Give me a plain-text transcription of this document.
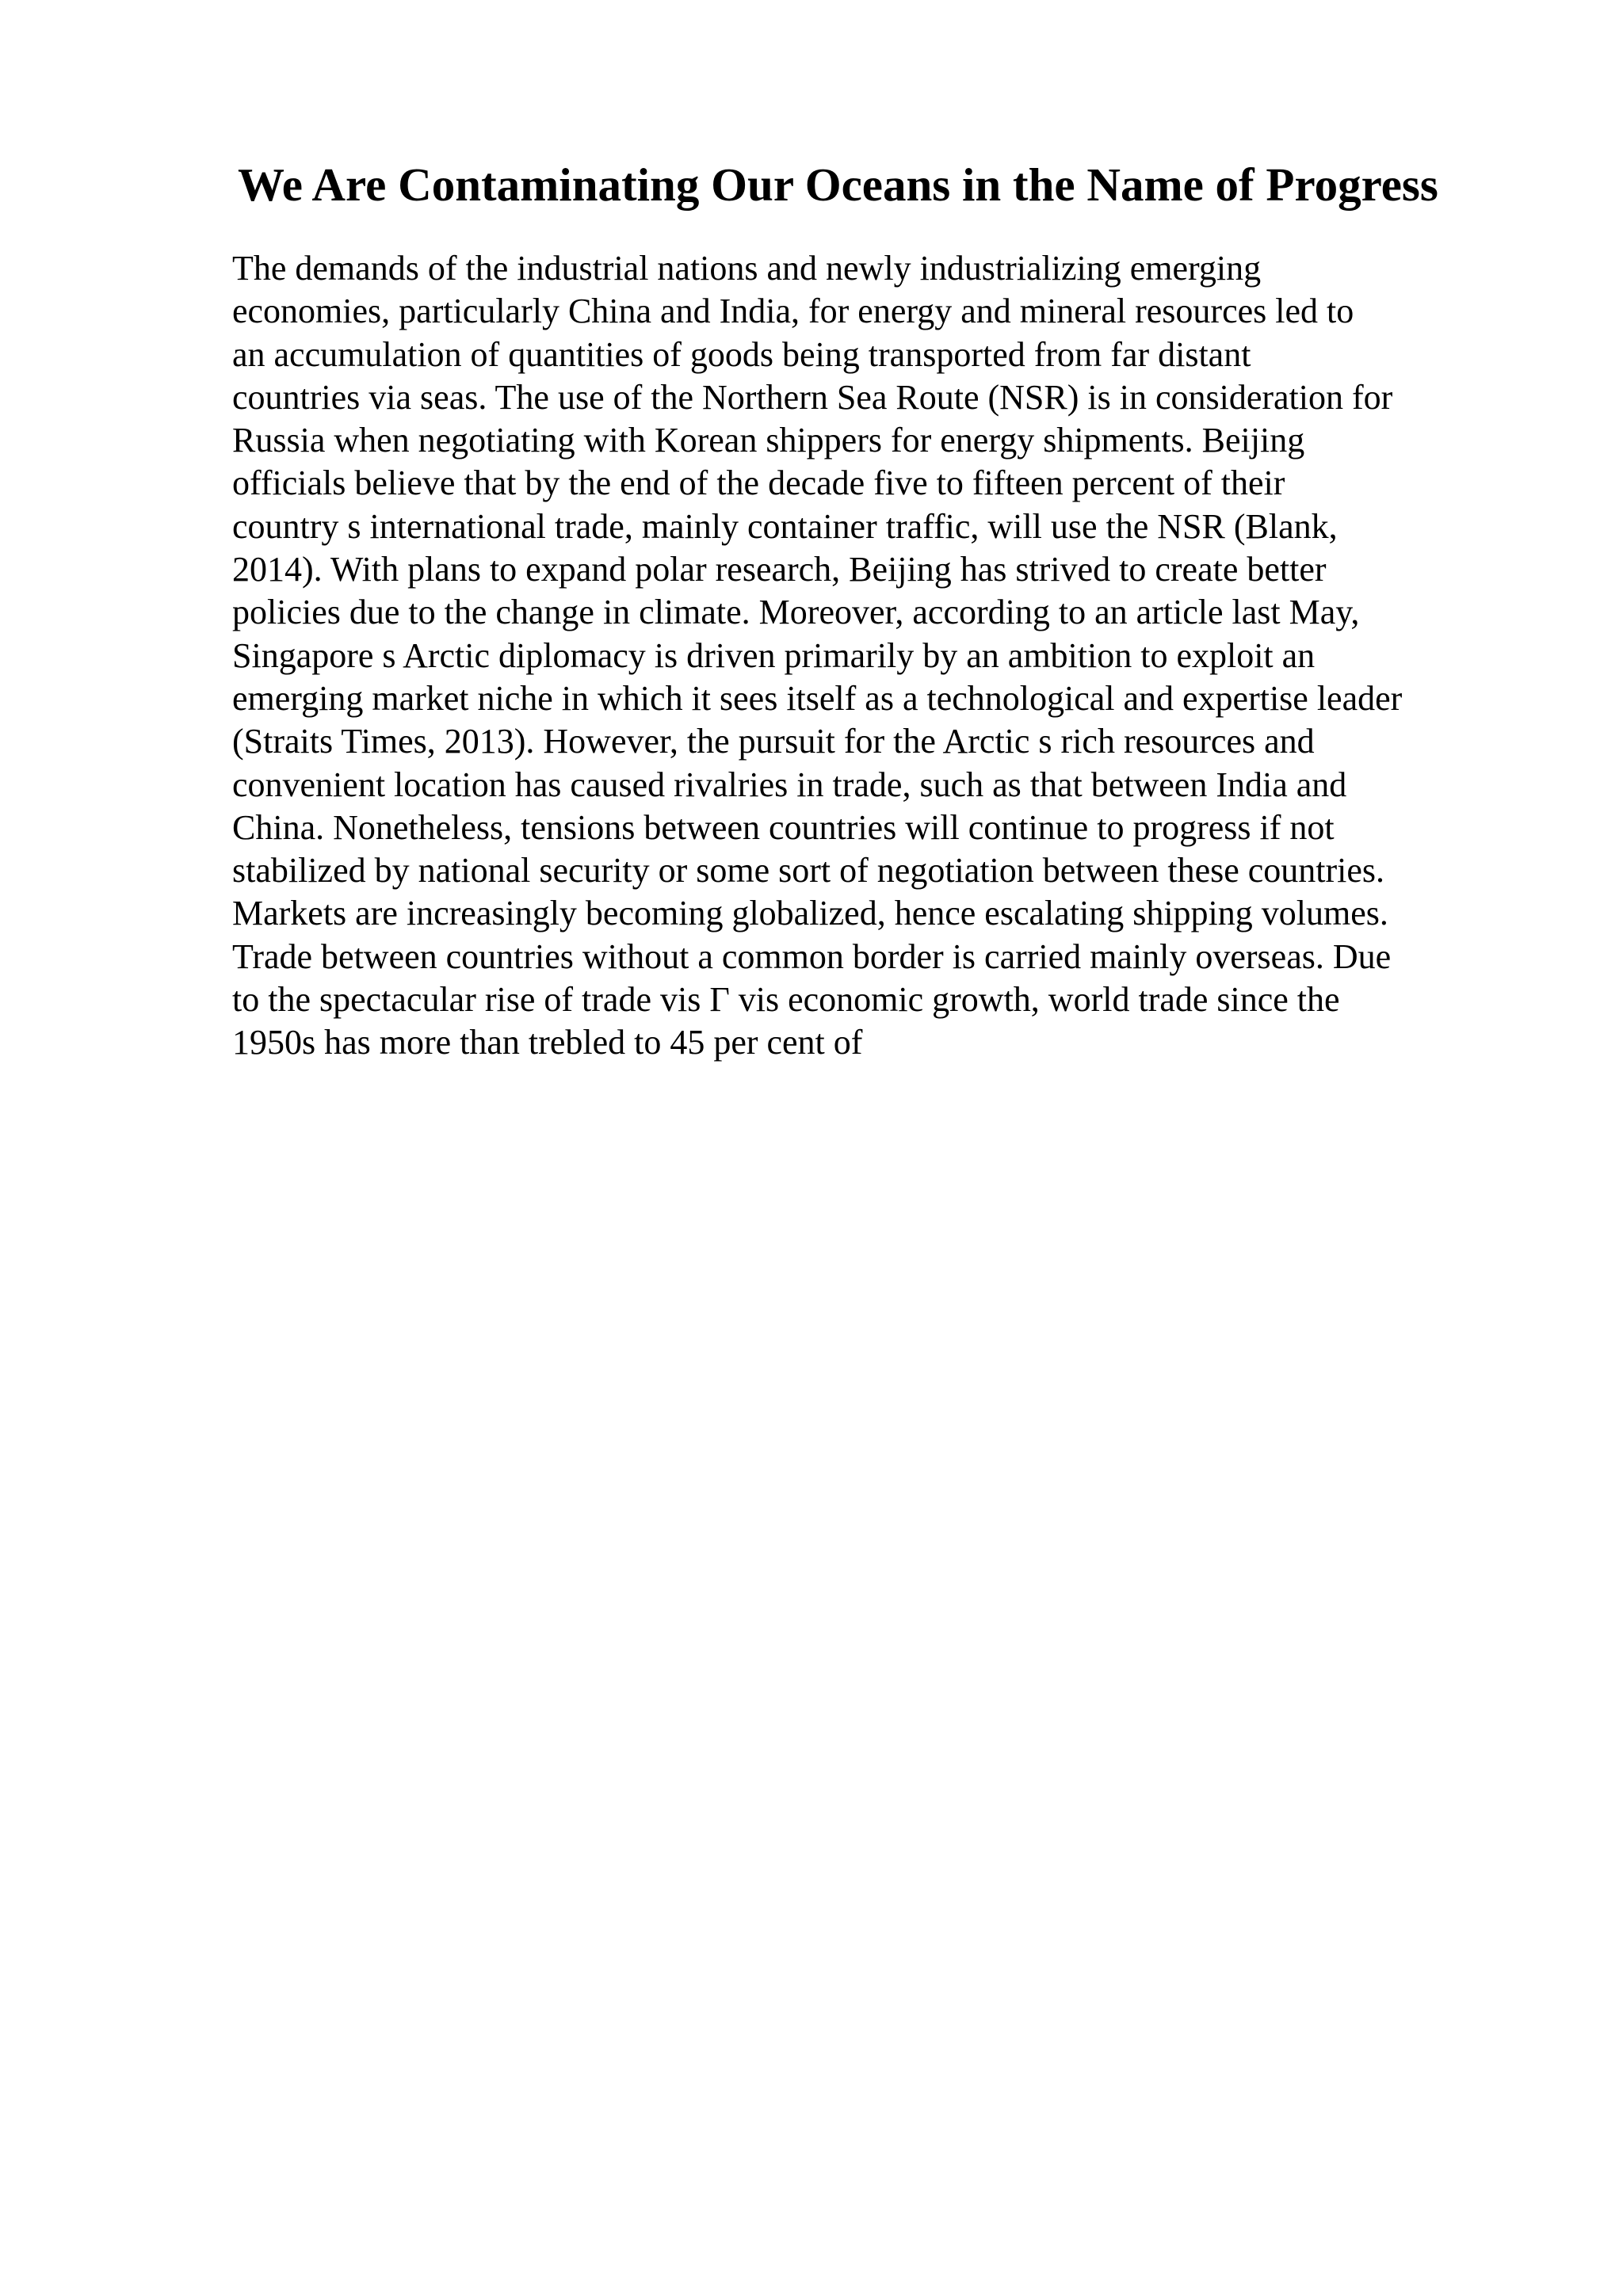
We Are Contaminating Our Oceans in the Name of Progress
The demands of the industrial nations and newly industrializing emerging
economies, particularly China and India, for energy and mineral resources led to
an accumulation of quantities of goods being transported from far distant
countries via seas. The use of the Northern Sea Route (NSR) is in consideration for
Russia when negotiating with Korean shippers for energy shipments. Beijing
officials believe that by the end of the decade five to fifteen percent of their
country s international trade, mainly container traffic, will use the NSR (Blank,
2014). With plans to expand polar research, Beijing has strived to create better
policies due to the change in climate. Moreover, according to an article last May,
Singapore s Arctic diplomacy is driven primarily by an ambition to exploit an
emerging market niche in which it sees itself as a technological and expertise leader
(Straits Times, 2013). However, the pursuit for the Arctic s rich resources and
convenient location has caused rivalries in trade, such as that between India and
China. Nonetheless, tensions between countries will continue to progress if not
stabilized by national security or some sort of negotiation between these countries.
Markets are increasingly becoming globalized, hence escalating shipping volumes.
Trade between countries without a common border is carried mainly overseas. Due
to the spectacular rise of trade vis Γ vis economic growth, world trade since the
1950s has more than trebled to 45 per cent of
